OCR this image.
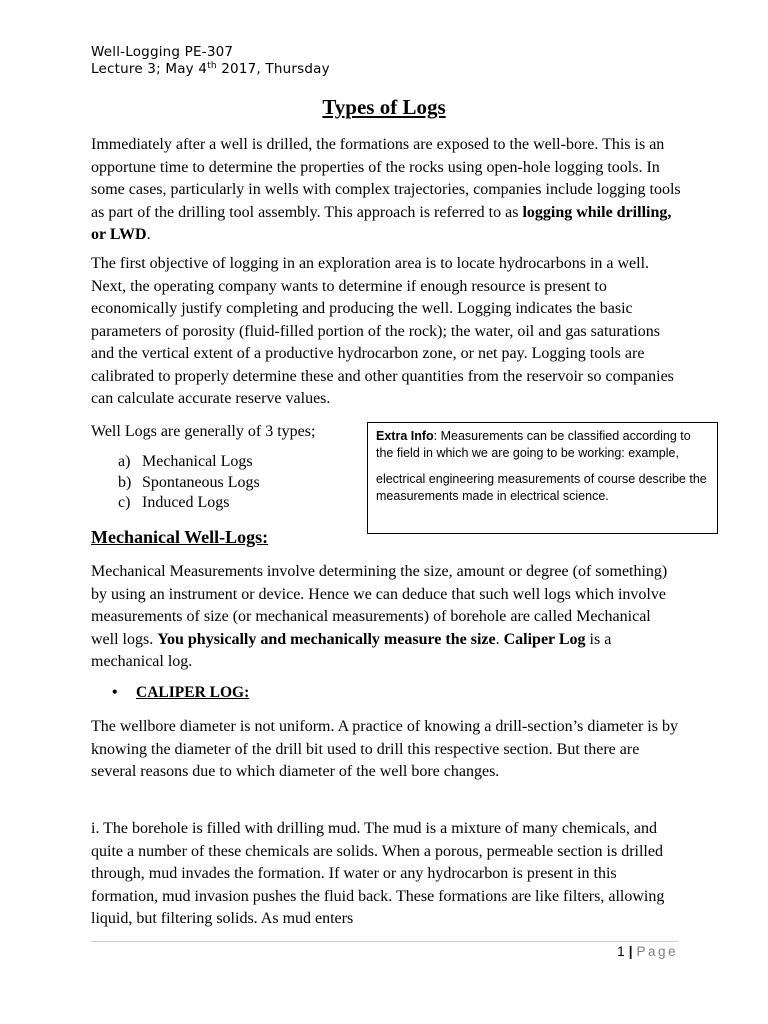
Well-Logging PE-307
Lecture 3; May 4th 2017, Thursday
Types of Logs

Immediately after a well is drilled, the formations are exposed to the well-bore. This is an opportune time to determine the properties of the rocks using open-hole logging tools. In some cases, particularly in wells with complex trajectories, companies include logging tools as part of the drilling tool assembly. This approach is referred to as logging while drilling, or LWD.

The first objective of logging in an exploration area is to locate hydrocarbons in a well. Next, the operating company wants to determine if enough resource is present to economically justify completing and producing the well. Logging indicates the basic parameters of porosity (fluid-filled portion of the rock); the water, oil and gas saturations and the vertical extent of a productive hydrocarbon zone, or net pay. Logging tools are calibrated to properly determine these and other quantities from the reservoir so companies can calculate accurate reserve values.

Well Logs are generally of 3 types;

a) Mechanical Logs
b) Spontaneous Logs
c) Induced Logs

Extra Info: Measurements can be classified according to the field in which we are going to be working: example,

electrical engineering measurements of course describe the measurements made in electrical science.

Mechanical Well-Logs:

Mechanical Measurements involve determining the size, amount or degree (of something) by using an instrument or device. Hence we can deduce that such well logs which involve measurements of size (or mechanical measurements) of borehole are called Mechanical well logs. You physically and mechanically measure the size. Caliper Log is a mechanical log.

• CALIPER LOG:

The wellbore diameter is not uniform. A practice of knowing a drill-section’s diameter is by knowing the diameter of the drill bit used to drill this respective section. But there are several reasons due to which diameter of the well bore changes.

i. The borehole is filled with drilling mud. The mud is a mixture of many chemicals, and quite a number of these chemicals are solids. When a porous, permeable section is drilled through, mud invades the formation. If water or any hydrocarbon is present in this formation, mud invasion pushes the fluid back. These formations are like filters, allowing liquid, but filtering solids. As mud enters

1 | Page
